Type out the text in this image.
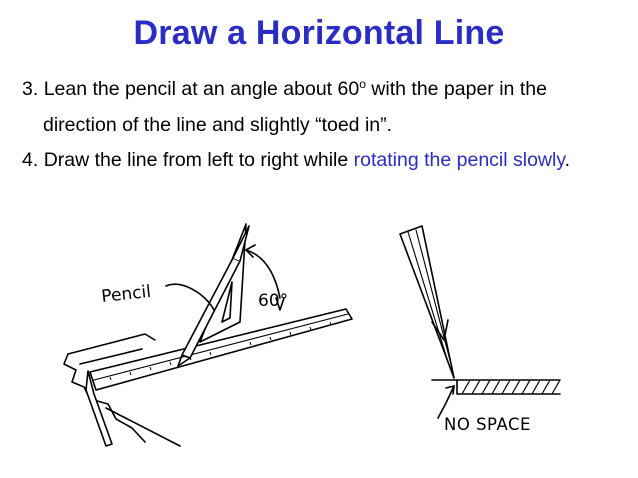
Draw a Horizontal Line
3. Lean the pencil at an angle about 60$^o$ with the paper in the
direction of the line and slightly “toed in”.
4. Draw the line from left to right while rotating the pencil slowly.
Pencil	60°
NO SPACE
